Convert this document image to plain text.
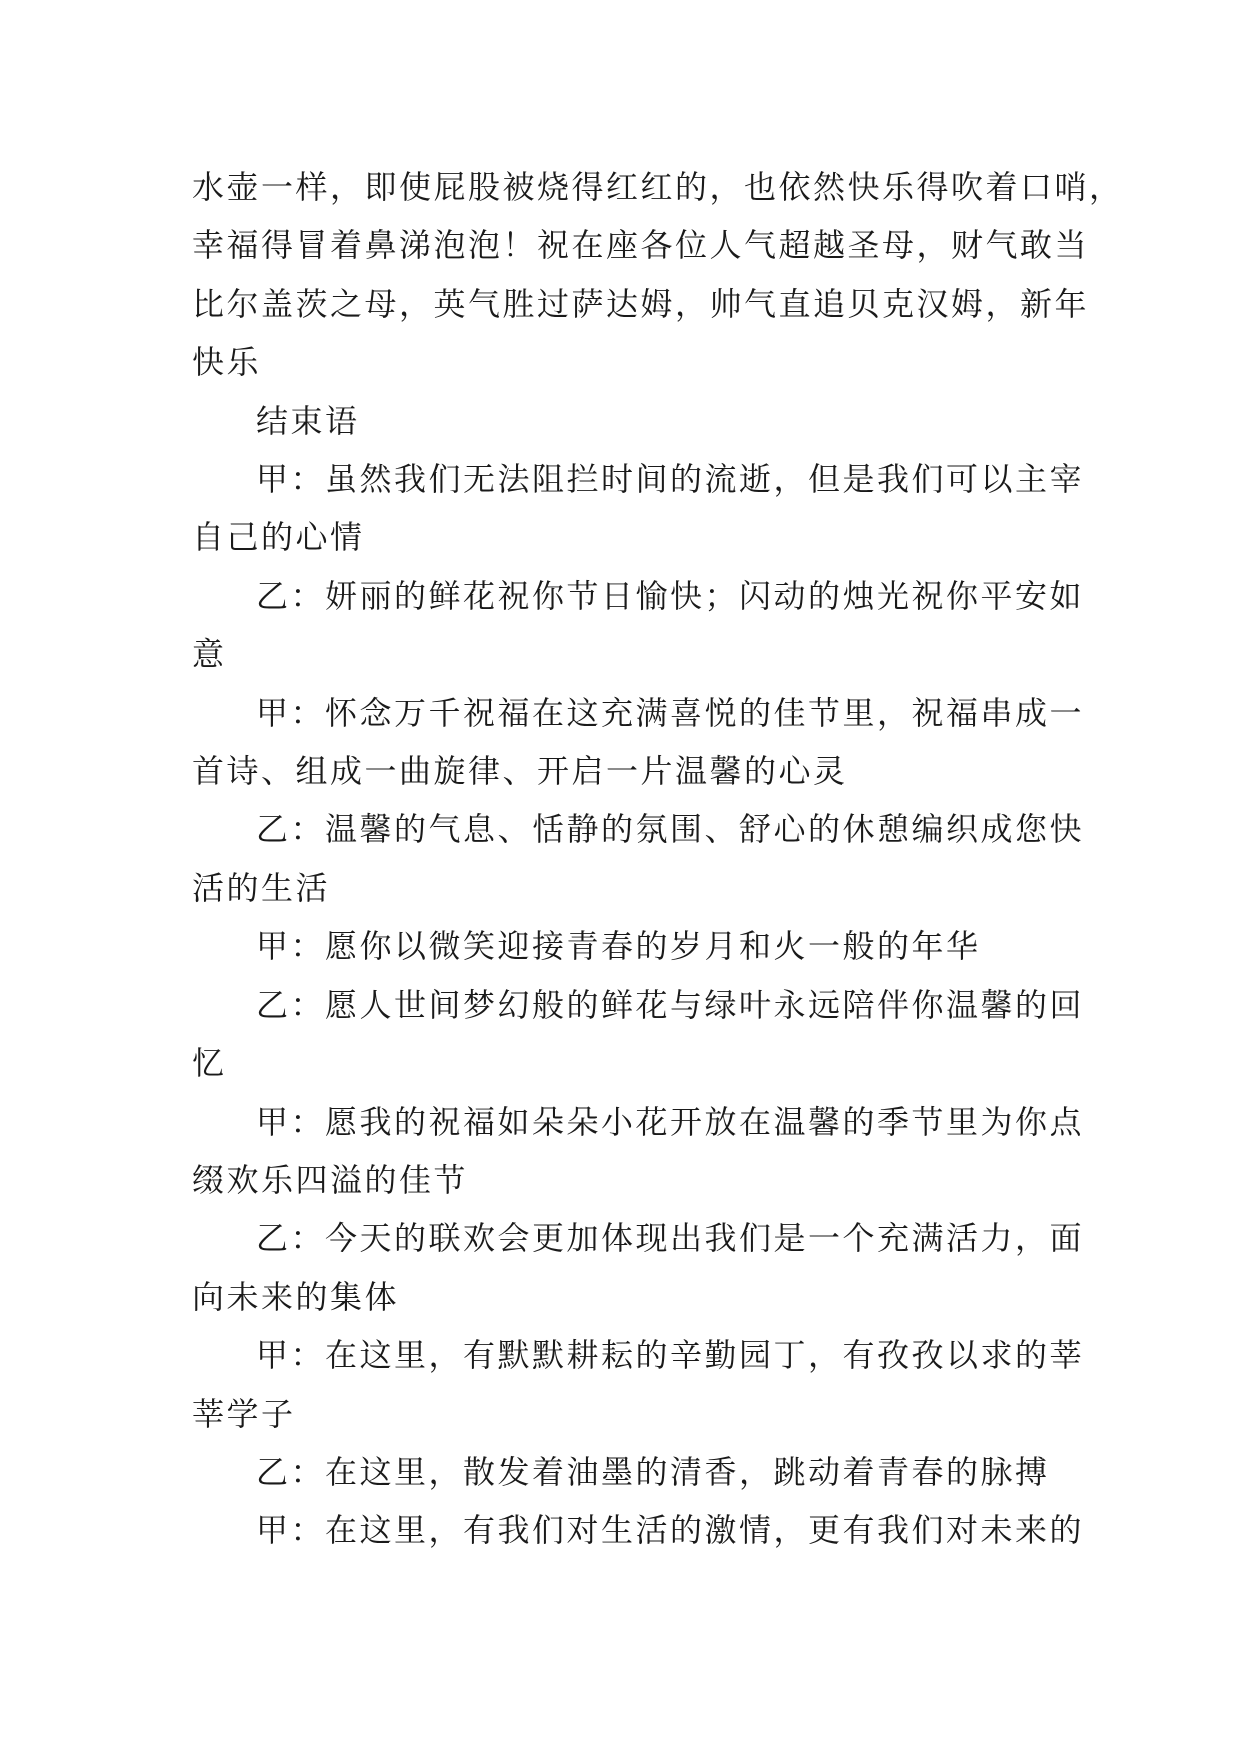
水壶一样，即使屁股被烧得红红的，也依然快乐得吹着口哨，
幸福得冒着鼻涕泡泡！祝在座各位人气超越圣母，财气敢当
比尔盖茨之母，英气胜过萨达姆，帅气直追贝克汉姆，新年
快乐

结束语

甲：虽然我们无法阻拦时间的流逝，但是我们可以主宰
自己的心情

乙：妍丽的鲜花祝你节日愉快；闪动的烛光祝你平安如
意

甲：怀念万千祝福在这充满喜悦的佳节里，祝福串成一
首诗、组成一曲旋律、开启一片温馨的心灵

乙：温馨的气息、恬静的氛围、舒心的休憩编织成您快
活的生活

甲：愿你以微笑迎接青春的岁月和火一般的年华

乙：愿人世间梦幻般的鲜花与绿叶永远陪伴你温馨的回
忆

甲：愿我的祝福如朵朵小花开放在温馨的季节里为你点
缀欢乐四溢的佳节

乙：今天的联欢会更加体现出我们是一个充满活力，面
向未来的集体

甲：在这里，有默默耕耘的辛勤园丁，有孜孜以求的莘
莘学子

乙：在这里，散发着油墨的清香，跳动着青春的脉搏

甲：在这里，有我们对生活的激情，更有我们对未来的
